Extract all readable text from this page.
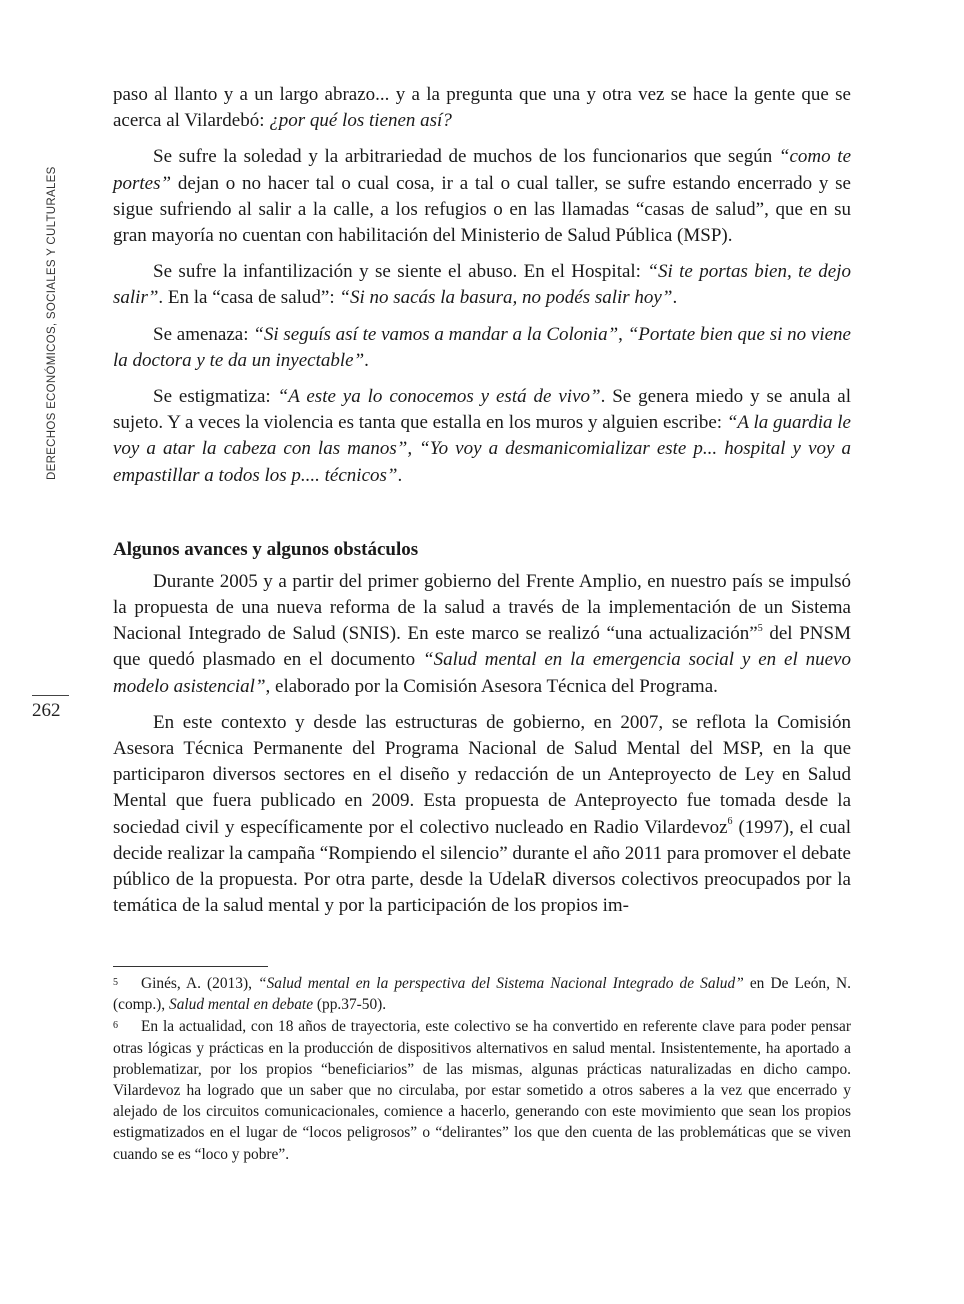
DERECHOS ECONÓMICOS, SOCIALES Y CULTURALES
262

paso al llanto y a un largo abrazo... y a la pregunta que una y otra vez se hace la gente que se acerca al Vilardebó: ¿por qué los tienen así?

Se sufre la soledad y la arbitrariedad de muchos de los funcionarios que según “como te portes” dejan o no hacer tal o cual cosa, ir a tal o cual taller, se sufre estando encerrado y se sigue sufriendo al salir a la calle, a los refugios o en las llamadas “casas de salud”, que en su gran mayoría no cuentan con habilitación del Ministerio de Salud Pública (MSP).

Se sufre la infantilización y se siente el abuso. En el Hospital: “Si te portas bien, te dejo salir”. En la “casa de salud”: “Si no sacás la basura, no podés salir hoy”.

Se amenaza: “Si seguís así te vamos a mandar a la Colonia”, “Portate bien que si no viene la doctora y te da un inyectable”.

Se estigmatiza: “A este ya lo conocemos y está de vivo”. Se genera miedo y se anula al sujeto. Y a veces la violencia es tanta que estalla en los muros y alguien escribe: “A la guardia le voy a atar la cabeza con las manos”, “Yo voy a desmanicomializar este p... hospital y voy a empastillar a todos los p.... técnicos”.

Algunos avances y algunos obstáculos

Durante 2005 y a partir del primer gobierno del Frente Amplio, en nuestro país se impulsó la propuesta de una nueva reforma de la salud a través de la implementación de un Sistema Nacional Integrado de Salud (SNIS). En este marco se realizó “una actualización”$^5$ del PNSM que quedó plasmado en el documento “Salud mental en la emergencia social y en el nuevo modelo asistencial”, elaborado por la Comisión Asesora Técnica del Programa.

En este contexto y desde las estructuras de gobierno, en 2007, se reflota la Comisión Asesora Técnica Permanente del Programa Nacional de Salud Mental del MSP, en la que participaron diversos sectores en el diseño y redacción de un Anteproyecto de Ley en Salud Mental que fuera publicado en 2009. Esta propuesta de Anteproyecto fue tomada desde la sociedad civil y específicamente por el colectivo nucleado en Radio Vilardevoz$^6$ (1997), el cual decide realizar la campaña “Rompiendo el silencio” durante el año 2011 para promover el debate público de la propuesta. Por otra parte, desde la UdelaR diversos colectivos preocupados por la temática de la salud mental y por la participación de los propios im-

5 Ginés, A. (2013), “Salud mental en la perspectiva del Sistema Nacional Integrado de Salud” en De León, N. (comp.), Salud mental en debate (pp.37-50).

6 En la actualidad, con 18 años de trayectoria, este colectivo se ha convertido en referente clave para poder pensar otras lógicas y prácticas en la producción de dispositivos alternativos en salud mental. Insistentemente, ha aportado a problematizar, por los propios “beneficiarios” de las mismas, algunas prácticas naturalizadas en dicho campo. Vilardevoz ha logrado que un saber que no circulaba, por estar sometido a otros saberes a la vez que encerrado y alejado de los circuitos comunicacionales, comience a hacerlo, generando con este movimiento que sean los propios estigmatizados en el lugar de “locos peligrosos” o “delirantes” los que den cuenta de las problemáticas que se viven cuando se es “loco y pobre”.
